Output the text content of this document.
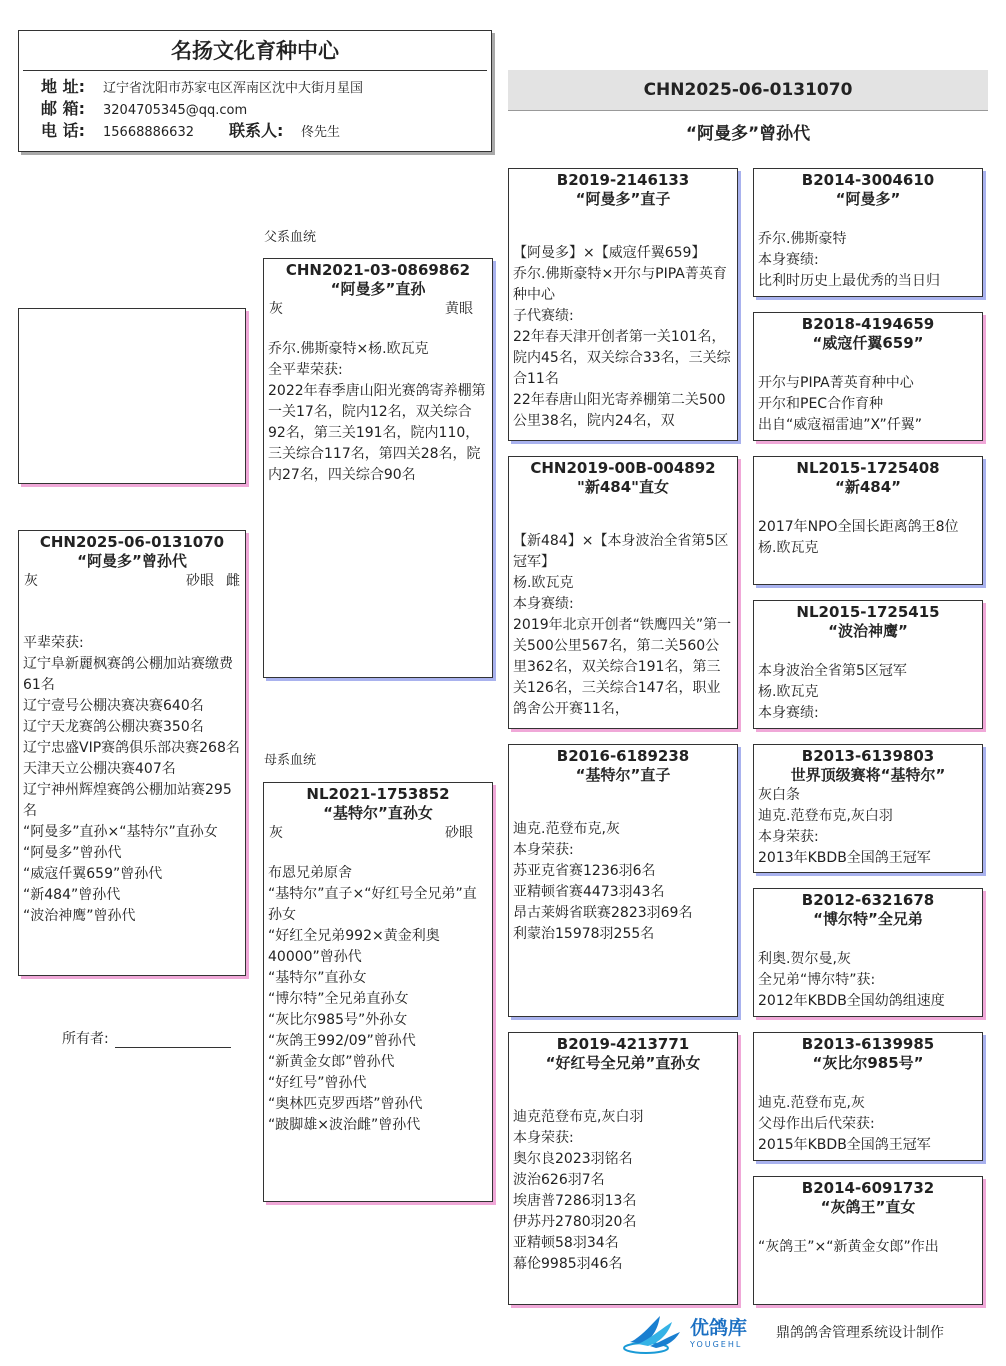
名扬文化育种中心
地 址:	辽宁省沈阳市苏家屯区浑南区沈中大街月星国
邮 箱:	3204705345@qq.com
电 话:	15668886632	联系人:	佟先生
CHN2025-06-0131070
“阿曼多”曾孙代
CHN2025-06-0131070
“阿曼多”曾孙代
灰	砂眼 雌
平辈荣获:
辽宁阜新麗枫赛鸽公棚加站赛缴费61名
辽宁壹号公棚决赛决赛640名
辽宁天龙赛鸽公棚决赛350名
辽宁忠盛VIP赛鸽俱乐部决赛268名
天津天立公棚决赛407名
辽宁神州辉煌赛鸽公棚加站赛295名
“阿曼多”直孙×“基特尔”直孙女
“阿曼多”曾孙代
“威寇仟翼659”曾孙代
“新484”曾孙代
“波治神鹰”曾孙代
所有者:
父系血统
母系血统
CHN2021-03-0869862
“阿曼多”直孙
灰	黄眼
乔尔.佛斯豪特×杨.欧瓦克
全平辈荣获:
2022年春季唐山阳光赛鸽寄养棚第一关17名，院内12名，双关综合92名，第三关191名，院内110，三关综合117名，第四关28名，院内27名，四关综合90名
NL2021-1753852
“基特尔”直孙女
灰	砂眼
布恩兄弟原舍
“基特尔”直子×“好红号全兄弟”直孙女
“好红全兄弟992×黄金利奥40000”曾孙代
“基特尔”直孙女
“博尔特”全兄弟直孙女
“灰比尔985号”外孙女
“灰鸽王992/09”曾孙代
“新黄金女郎”曾孙代
“好红号”曾孙代
“奥林匹克罗西塔”曾孙代
“跛脚雄×波治雌”曾孙代
B2019-2146133
“阿曼多”直子
【阿曼多】×【威寇仟翼659】
乔尔.佛斯豪特×开尔与PIPA菁英育种中心
子代赛绩:
22年春天津开创者第一关101名，院内45名，双关综合33名，三关综合11名
22年春唐山阳光寄养棚第二关500公里38名，院内24名，双
CHN2019-00B-004892
"新484"直女
【新484】×【本身波治全省第5区冠军】
杨.欧瓦克
本身赛绩:
2019年北京开创者“铁鹰四关”第一关500公里567名，第二关560公里362名，双关综合191名，第三关126名，三关综合147名，职业鸽舍公开赛11名，
B2016-6189238
“基特尔”直子
迪克.范登布克,灰
本身荣获:
苏亚克省赛1236羽6名
亚精顿省赛4473羽43名
昂古莱姆省联赛2823羽69名
利蒙治15978羽255名
B2019-4213771
“好红号全兄弟”直孙女
迪克范登布克,灰白羽
本身荣获:
奥尔良2023羽铭名
波治626羽7名
埃唐普7286羽13名
伊苏丹2780羽20名
亚精顿58羽34名
幕伦9985羽46名
B2014-3004610
“阿曼多”
乔尔.佛斯豪特
本身赛绩:
比利时历史上最优秀的当日归
B2018-4194659
“威寇仟翼659”
开尔与PIPA菁英育种中心
开尔和PEC合作育种
出自“威寇福雷迪”X”仟翼”
NL2015-1725408
“新484”
2017年NPO全国长距离鸽王8位
杨.欧瓦克
NL2015-1725415
“波治神鹰”
本身波治全省第5区冠军
杨.欧瓦克
本身赛绩:
B2013-6139803
世界顶级赛将“基特尔”
灰白条
迪克.范登布克,灰白羽
本身荣获:
2013年KBDB全国鸽王冠军
B2012-6321678
“博尔特”全兄弟
利奥.贺尔曼,灰
全兄弟“博尔特”获:
2012年KBDB全国幼鸽组速度
B2013-6139985
“灰比尔985号”
迪克.范登布克,灰
父母作出后代荣获:
2015年KBDB全国鸽王冠军
B2014-6091732
“灰鸽王”直女
“灰鸽王”×“新黄金女郎”作出
优鸽库
YOUGEHL
鼎鸽鸽舍管理系统设计制作
